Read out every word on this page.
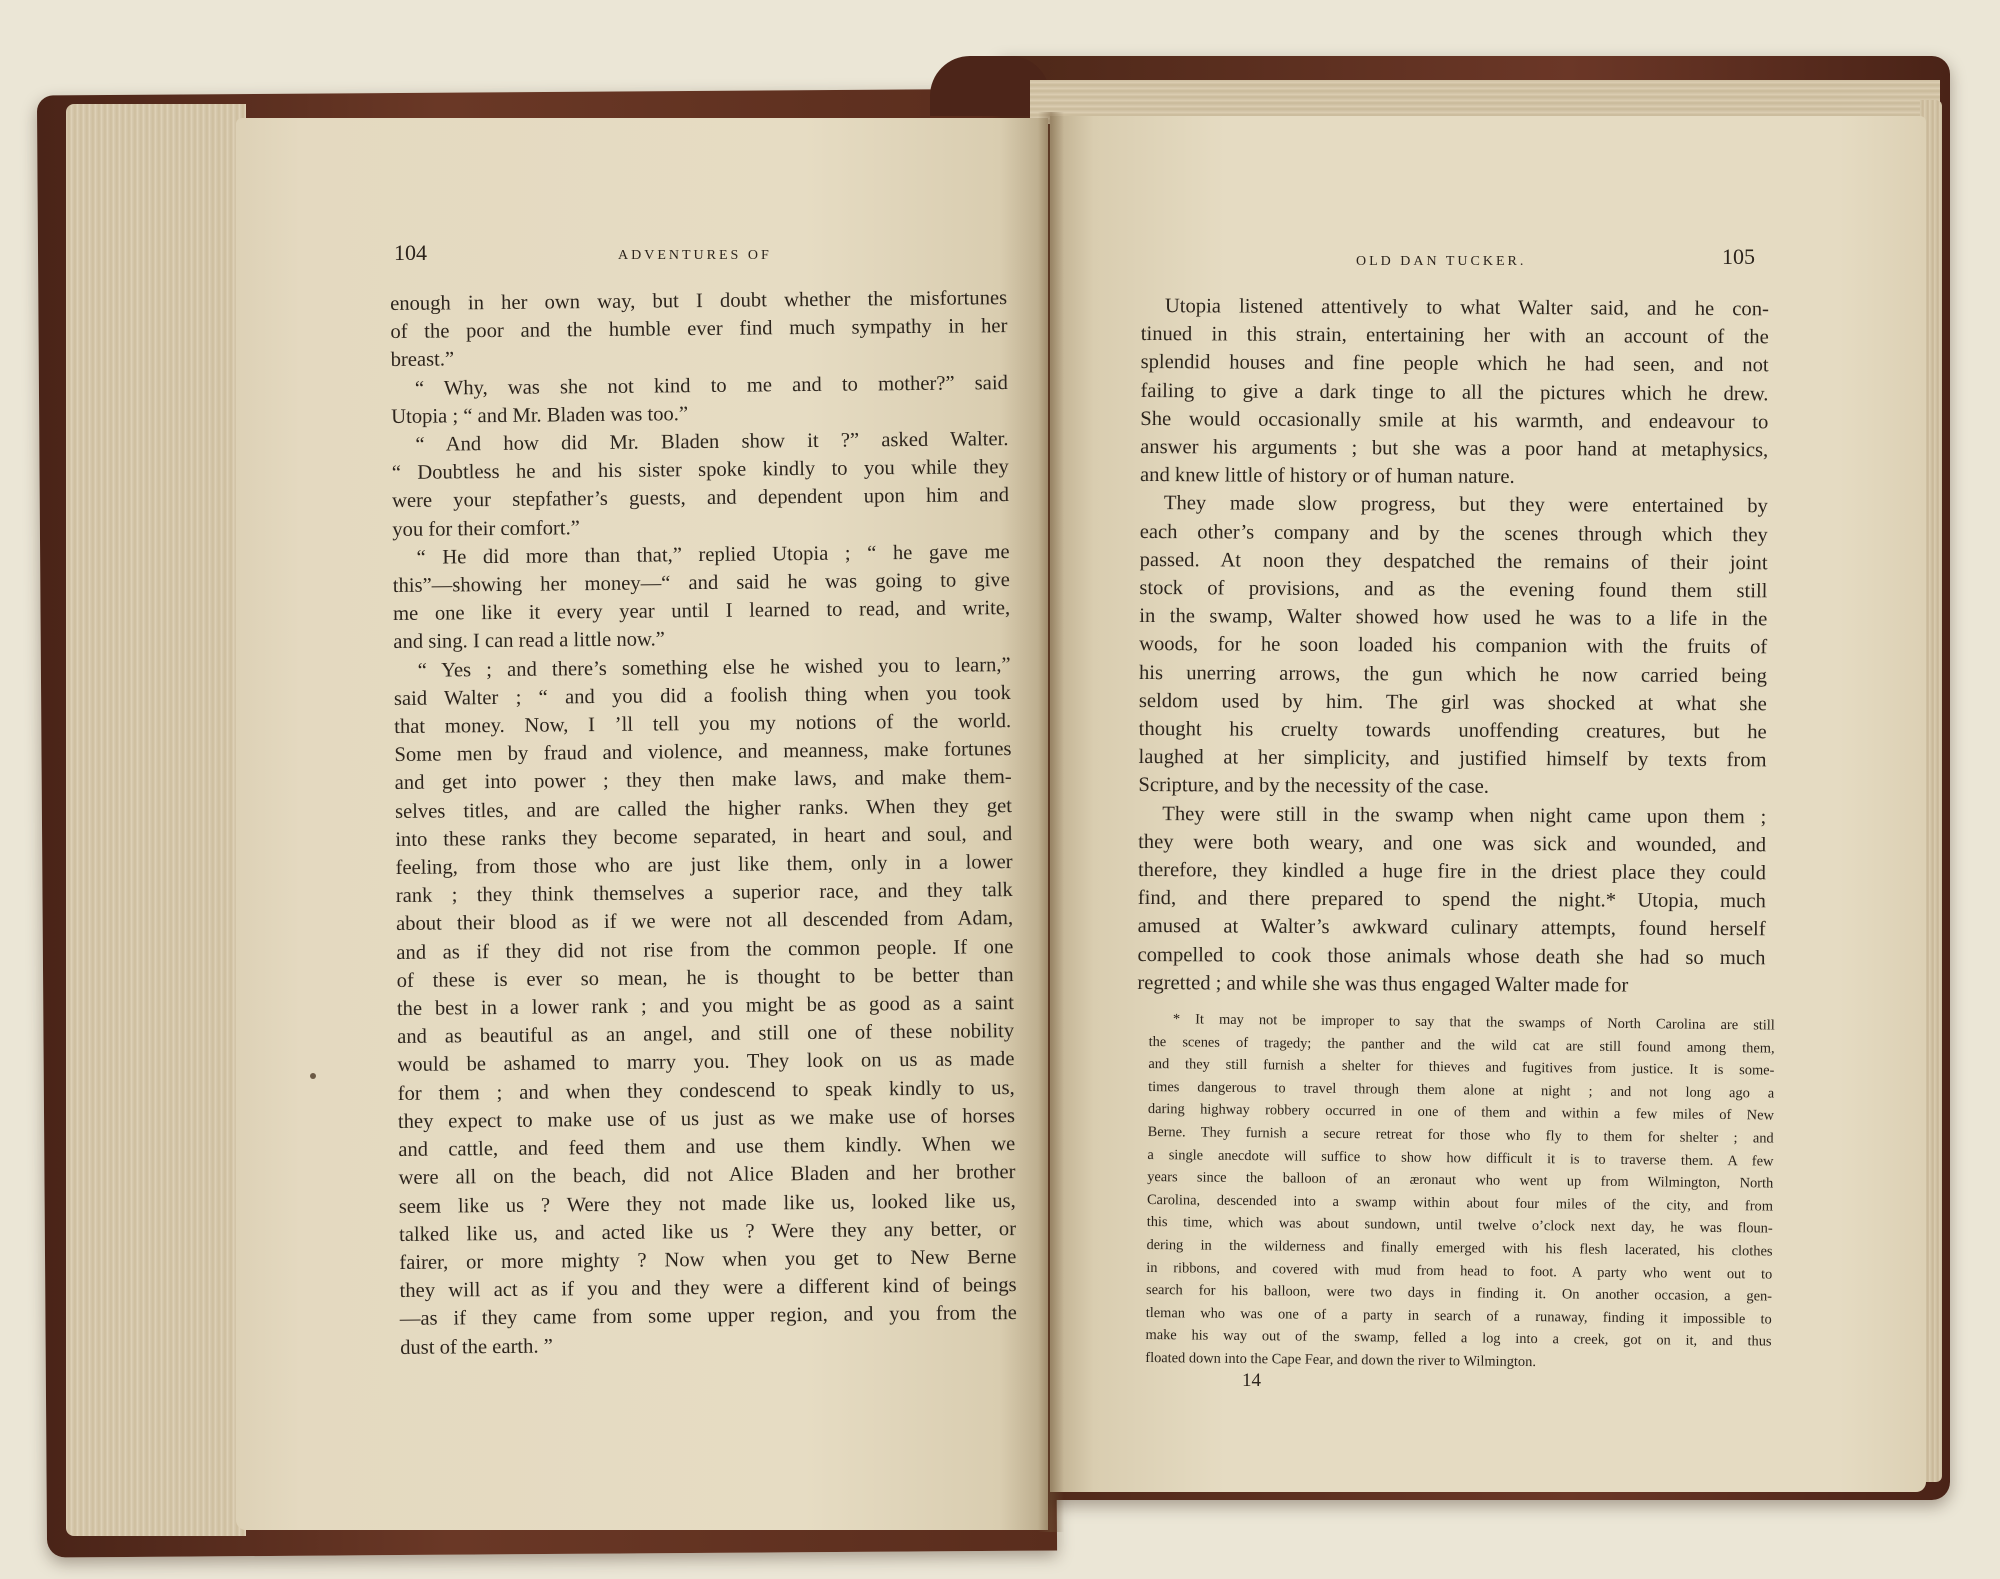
104	ADVENTURES OF	OLD DAN TUCKER.	105
enough in her own way, but I doubt whether the misfortunes
of the poor and the humble ever find much sympathy in her
breast.”
“ Why, was she not kind to me and to mother?” said
Utopia ; “ and Mr. Bladen was too.”
“ And how did Mr. Bladen show it ?” asked Walter.
“ Doubtless he and his sister spoke kindly to you while they
were your stepfather’s guests, and dependent upon him and
you for their comfort.”
“ He did more than that,” replied Utopia ; “ he gave me
this”—showing her money—“ and said he was going to give
me one like it every year until I learned to read, and write,
and sing. I can read a little now.”
“ Yes ; and there’s something else he wished you to learn,”
said Walter ; “ and you did a foolish thing when you took
that money. Now, I ’ll tell you my notions of the world.
Some men by fraud and violence, and meanness, make fortunes
and get into power ; they then make laws, and make them-
selves titles, and are called the higher ranks. When they get
into these ranks they become separated, in heart and soul, and
feeling, from those who are just like them, only in a lower
rank ; they think themselves a superior race, and they talk
about their blood as if we were not all descended from Adam,
and as if they did not rise from the common people. If one
of these is ever so mean, he is thought to be better than
the best in a lower rank ; and you might be as good as a saint
and as beautiful as an angel, and still one of these nobility
would be ashamed to marry you. They look on us as made
for them ; and when they condescend to speak kindly to us,
they expect to make use of us just as we make use of horses
and cattle, and feed them and use them kindly. When we
were all on the beach, did not Alice Bladen and her brother
seem like us ? Were they not made like us, looked like us,
talked like us, and acted like us ? Were they any better, or
fairer, or more mighty ? Now when you get to New Berne
they will act as if you and they were a different kind of beings
—as if they came from some upper region, and you from the
dust of the earth. ”
Utopia listened attentively to what Walter said, and he con-
tinued in this strain, entertaining her with an account of the
splendid houses and fine people which he had seen, and not
failing to give a dark tinge to all the pictures which he drew.
She would occasionally smile at his warmth, and endeavour to
answer his arguments ; but she was a poor hand at metaphysics,
and knew little of history or of human nature.
They made slow progress, but they were entertained by
each other’s company and by the scenes through which they
passed. At noon they despatched the remains of their joint
stock of provisions, and as the evening found them still
in the swamp, Walter showed how used he was to a life in the
woods, for he soon loaded his companion with the fruits of
his unerring arrows, the gun which he now carried being
seldom used by him. The girl was shocked at what she
thought his cruelty towards unoffending creatures, but he
laughed at her simplicity, and justified himself by texts from
Scripture, and by the necessity of the case.
They were still in the swamp when night came upon them ;
they were both weary, and one was sick and wounded, and
therefore, they kindled a huge fire in the driest place they could
find, and there prepared to spend the night.* Utopia, much
amused at Walter’s awkward culinary attempts, found herself
compelled to cook those animals whose death she had so much
regretted ; and while she was thus engaged Walter made for
* It may not be improper to say that the swamps of North Carolina are still
the scenes of tragedy; the panther and the wild cat are still found among them,
and they still furnish a shelter for thieves and fugitives from justice. It is some-
times dangerous to travel through them alone at night ; and not long ago a
daring highway robbery occurred in one of them and within a few miles of New
Berne. They furnish a secure retreat for those who fly to them for shelter ; and
a single anecdote will suffice to show how difficult it is to traverse them. A few
years since the balloon of an æronaut who went up from Wilmington, North
Carolina, descended into a swamp within about four miles of the city, and from
this time, which was about sundown, until twelve o’clock next day, he was floun-
dering in the wilderness and finally emerged with his flesh lacerated, his clothes
in ribbons, and covered with mud from head to foot. A party who went out to
search for his balloon, were two days in finding it. On another occasion, a gen-
tleman who was one of a party in search of a runaway, finding it impossible to
make his way out of the swamp, felled a log into a creek, got on it, and thus
floated down into the Cape Fear, and down the river to Wilmington.
14
